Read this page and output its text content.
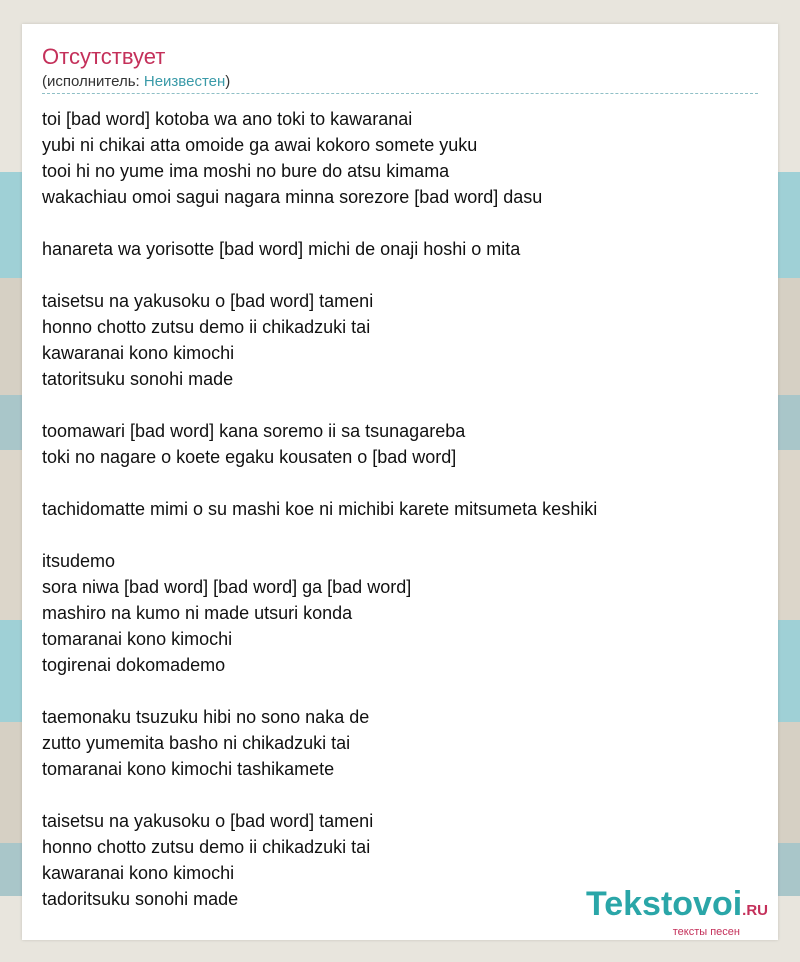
Отсутствует
(исполнитель: Неизвестен)
toi [bad word] kotoba wa ano toki to kawaranai
yubi ni chikai atta omoide ga awai kokoro somete yuku
tooi hi no yume ima moshi no bure do atsu kimama
wakachiau omoi sagui nagara minna sorezore [bad word] dasu
hanareta wa yorisotte [bad word] michi de onaji hoshi o mita
taisetsu na yakusoku o [bad word] tameni
honno chotto zutsu demo ii chikadzuki tai
kawaranai kono kimochi
tatoritsuku sonohi made
toomawari [bad word] kana soremo ii sa tsunagareba
toki no nagare o koete egaku kousaten o [bad word]
tachidomatte mimi o su mashi koe ni michibi karete mitsumeta keshiki
itsudemo
sora niwa [bad word] [bad word] ga [bad word]
mashiro na kumo ni made utsuri konda
tomaranai kono kimochi
togirenai dokomademo
taemonaku tsuzuku hibi no sono naka de
zutto yumemita basho ni chikadzuki tai
tomaranai kono kimochi tashikamete
taisetsu na yakusoku o [bad word] tameni
honno chotto zutsu demo ii chikadzuki tai
kawaranai kono kimochi
tadoritsuku sonohi made	Tekstovoi.RU
тексты песен
